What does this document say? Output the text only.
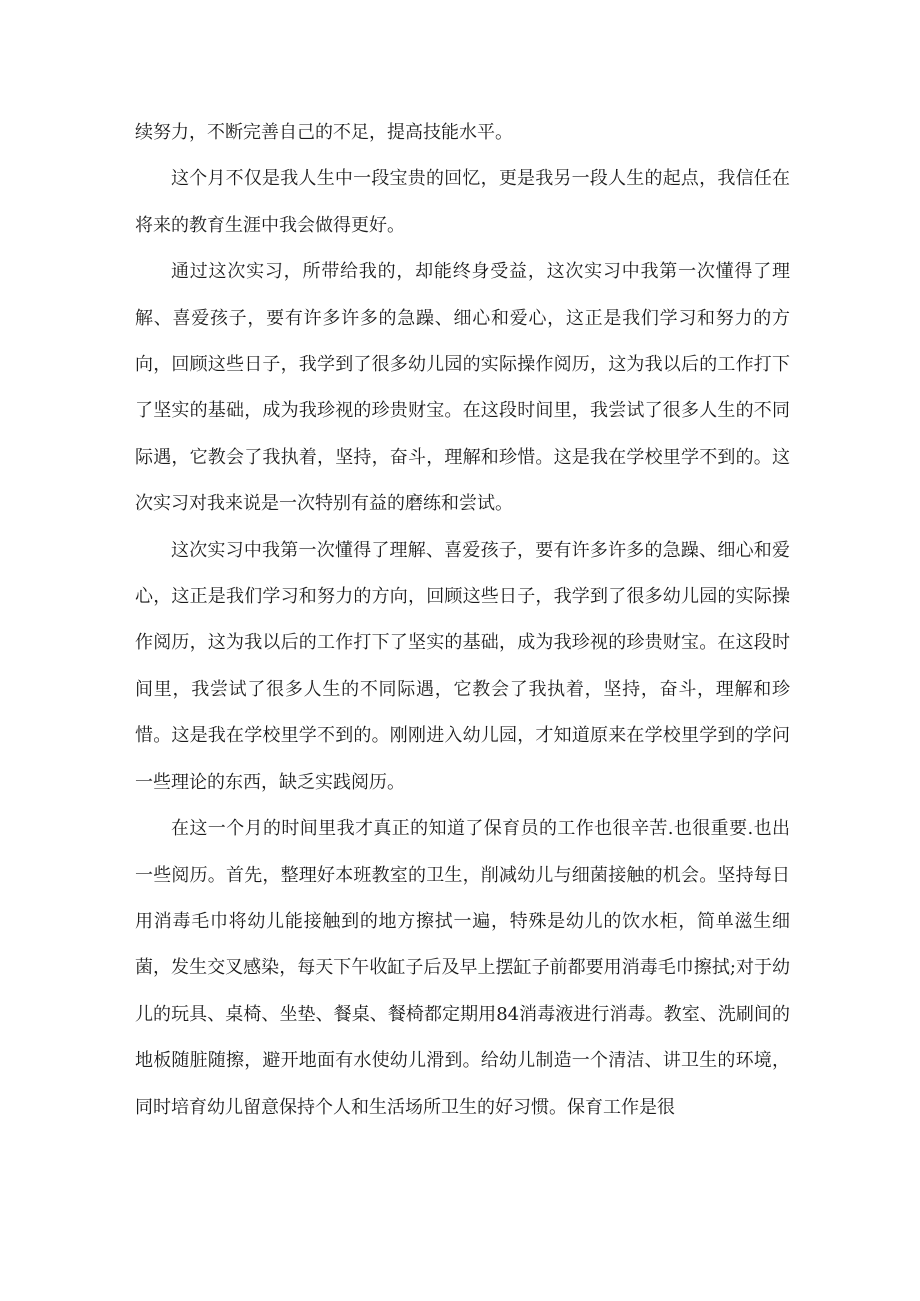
续努力，不断完善自己的不足，提高技能水平。

这个月不仅是我人生中一段宝贵的回忆，更是我另一段人生的起点，我信任在将来的教育生涯中我会做得更好。

通过这次实习，所带给我的，却能终身受益，这次实习中我第一次懂得了理解、喜爱孩子，要有许多许多的急躁、细心和爱心，这正是我们学习和努力的方向，回顾这些日子，我学到了很多幼儿园的实际操作阅历，这为我以后的工作打下了坚实的基础，成为我珍视的珍贵财宝。在这段时间里，我尝试了很多人生的不同际遇，它教会了我执着，坚持，奋斗，理解和珍惜。这是我在学校里学不到的。这次实习对我来说是一次特别有益的磨练和尝试。

这次实习中我第一次懂得了理解、喜爱孩子，要有许多许多的急躁、细心和爱心，这正是我们学习和努力的方向，回顾这些日子，我学到了很多幼儿园的实际操作阅历，这为我以后的工作打下了坚实的基础，成为我珍视的珍贵财宝。在这段时间里，我尝试了很多人生的不同际遇，它教会了我执着，坚持，奋斗，理解和珍惜。这是我在学校里学不到的。刚刚进入幼儿园，才知道原来在学校里学到的学问一些理论的东西，缺乏实践阅历。

在这一个月的时间里我才真正的知道了保育员的工作也很辛苦.也很重要.也出一些阅历。首先，整理好本班教室的卫生，削减幼儿与细菌接触的机会。坚持每日用消毒毛巾将幼儿能接触到的地方擦拭一遍，特殊是幼儿的饮水柜，简单滋生细菌，发生交叉感染，每天下午收缸子后及早上摆缸子前都要用消毒毛巾擦拭;对于幼儿的玩具、桌椅、坐垫、餐桌、餐椅都定期用84消毒液进行消毒。教室、洗刷间的地板随脏随擦，避开地面有水使幼儿滑到。给幼儿制造一个清洁、讲卫生的环境，同时培育幼儿留意保持个人和生活场所卫生的好习惯。保育工作是很
